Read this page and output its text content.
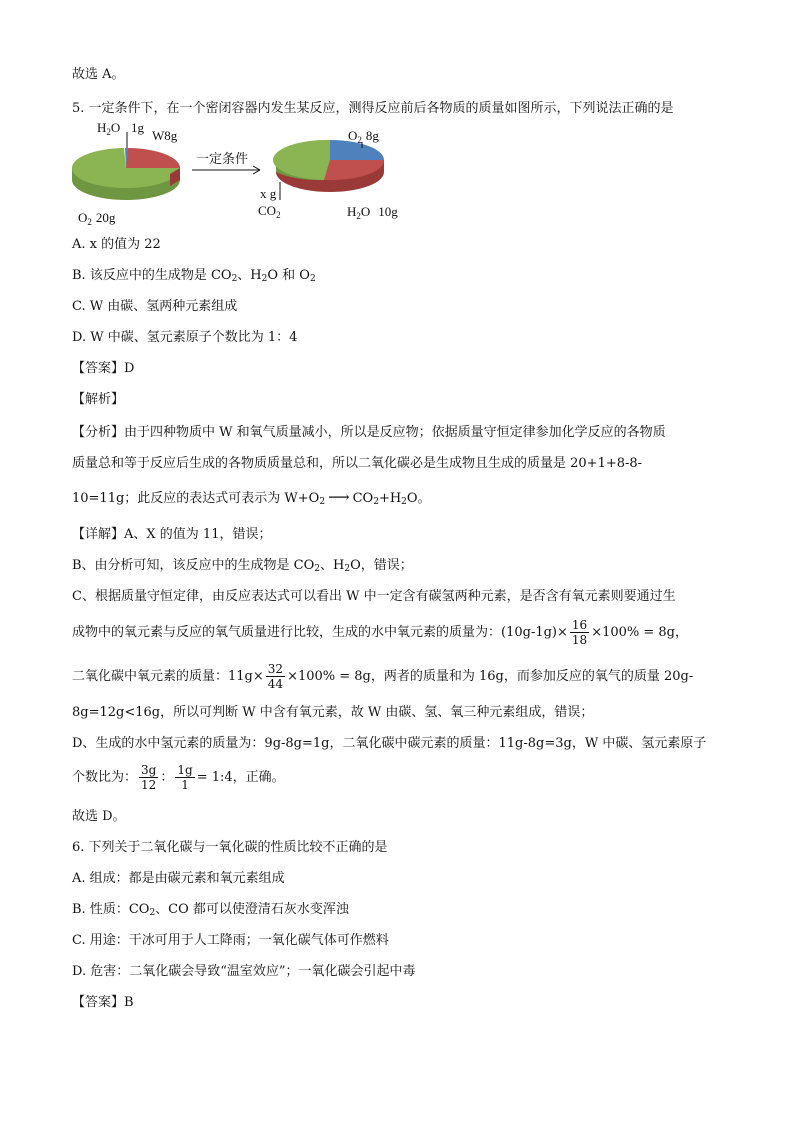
故选 A。
5. 一定条件下，在一个密闭容器内发生某反应，测得反应前后各物质的质量如图所示，下列说法正确的是
$H_2O$ 1g
W8g
$O_2$ 20g
一定条件
$O_2$ 8g
x g
$CO_2$	$H_2O$ 10g
A. x 的值为 22
B. 该反应中的生成物是 $CO_2$、$H_2O$ 和 $O_2$
C. W 由碳、氢两种元素组成
D. W 中碳、氢元素原子个数比为 1：4
【答案】D
【解析】
【分析】由于四种物质中 W 和氧气质量减小，所以是反应物；依据质量守恒定律参加化学反应的各物质
质量总和等于反应后生成的各物质质量总和，所以二氧化碳必是生成物且生成的质量是 20+1+8-8-
10=11g；此反应的表达式可表示为 $W+O_2$ ⟶ $CO_2+H_2O$。
【详解】A、X 的值为 11，错误；
B、由分析可知，该反应中的生成物是 $CO_2$、$H_2O$，错误；
C、根据质量守恒定律，由反应表达式可以看出 W 中一定含有碳氢两种元素，是否含有氧元素则要通过生
成物中的氧元素与反应的氧气质量进行比较，生成的水中氧元素的质量为：$(10g-1g)\times \frac{16}{18} \times 100\% = 8g$，
二氧化碳中氧元素的质量：$11g\times \frac{32}{44} \times 100\% = 8g$，两者的质量和为 16g，而参加反应的氧气的质量 20g-
8g=12g<16g，所以可判断 W 中含有氧元素，故 W 由碳、氢、氧三种元素组成，错误；
D、生成的水中氢元素的质量为：9g-8g=1g，二氧化碳中碳元素的质量：11g-8g=3g，W 中碳、氢元素原子
个数比为： $\frac{3g}{12}$ ： $\frac{1g}{1}$ = 1:4，正确。
故选 D。
6. 下列关于二氧化碳与一氧化碳的性质比较不正确的是
A. 组成：都是由碳元素和氧元素组成
B. 性质：$CO_2$、CO 都可以使澄清石灰水变浑浊
C. 用途：干冰可用于人工降雨；一氧化碳气体可作燃料
D. 危害：二氧化碳会导致“温室效应”；一氧化碳会引起中毒
【答案】B
